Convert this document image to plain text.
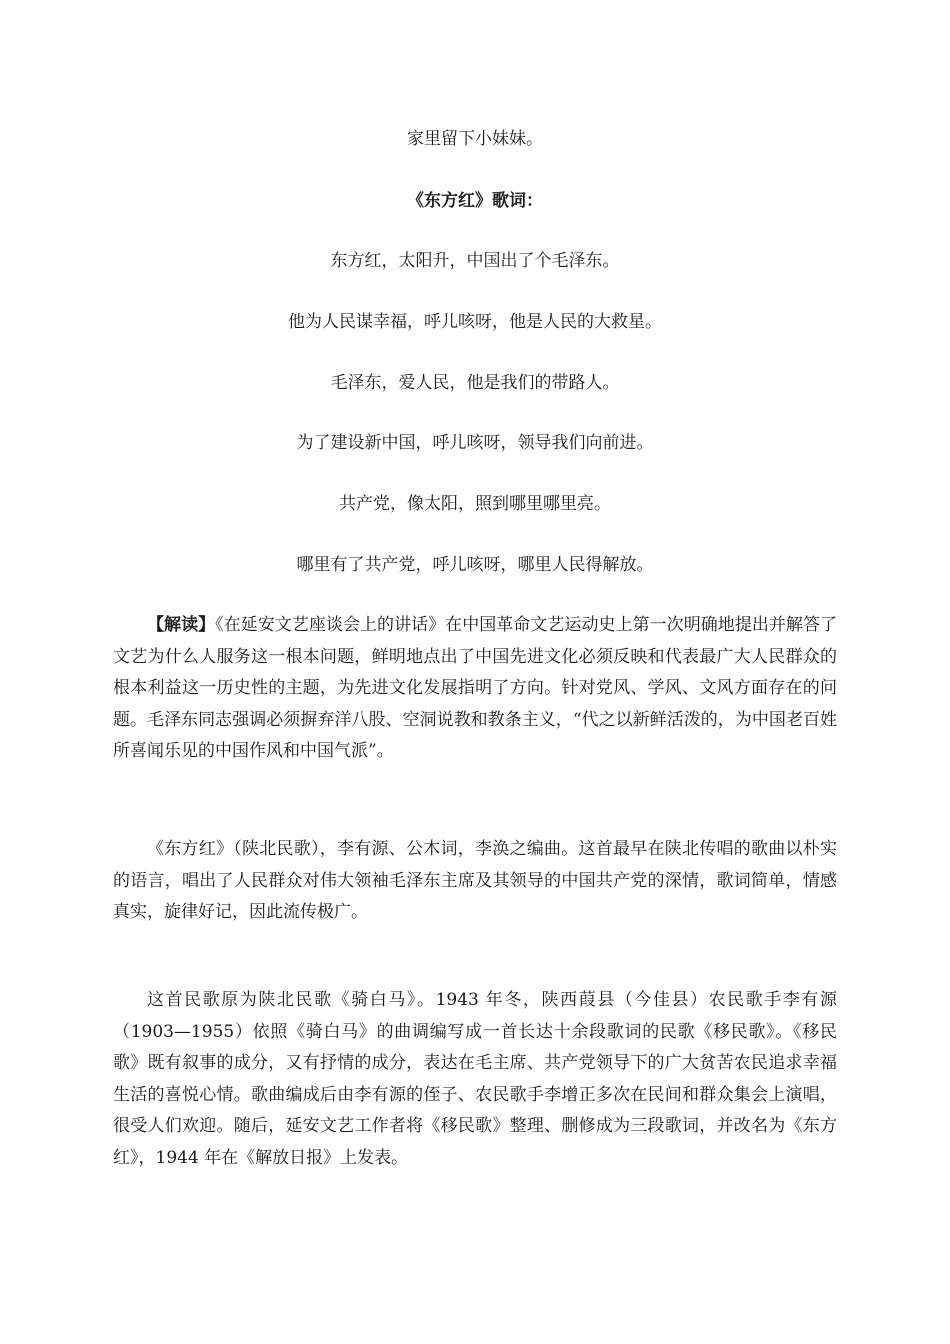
家里留下小妹妹。
《东方红》歌词：
东方红，太阳升，中国出了个毛泽东。
他为人民谋幸福，呼儿咳呀，他是人民的大救星。
毛泽东，爱人民，他是我们的带路人。
为了建设新中国，呼儿咳呀，领导我们向前进。
共产党，像太阳，照到哪里哪里亮。
哪里有了共产党，呼儿咳呀，哪里人民得解放。
【解读】《在延安文艺座谈会上的讲话》在中国革命文艺运动史上第一次明确地提出并解答了文艺为什么人服务这一根本问题，鲜明地点出了中国先进文化必须反映和代表最广大人民群众的根本利益这一历史性的主题，为先进文化发展指明了方向。针对党风、学风、文风方面存在的问题。毛泽东同志强调必须摒弃洋八股、空洞说教和教条主义，“代之以新鲜活泼的，为中国老百姓所喜闻乐见的中国作风和中国气派”。
《东方红》（陕北民歌），李有源、公木词，李涣之编曲。这首最早在陕北传唱的歌曲以朴实的语言，唱出了人民群众对伟大领袖毛泽东主席及其领导的中国共产党的深情，歌词简单，情感真实，旋律好记，因此流传极广。
这首民歌原为陕北民歌《骑白马》。1943 年冬，陕西葭县（今佳县）农民歌手李有源（1903—1955）依照《骑白马》的曲调编写成一首长达十余段歌词的民歌《移民歌》。《移民歌》既有叙事的成分，又有抒情的成分，表达在毛主席、共产党领导下的广大贫苦农民追求幸福生活的喜悦心情。歌曲编成后由李有源的侄子、农民歌手李增正多次在民间和群众集会上演唱，很受人们欢迎。随后，延安文艺工作者将《移民歌》整理、删修成为三段歌词，并改名为《东方红》，1944 年在《解放日报》上发表。
